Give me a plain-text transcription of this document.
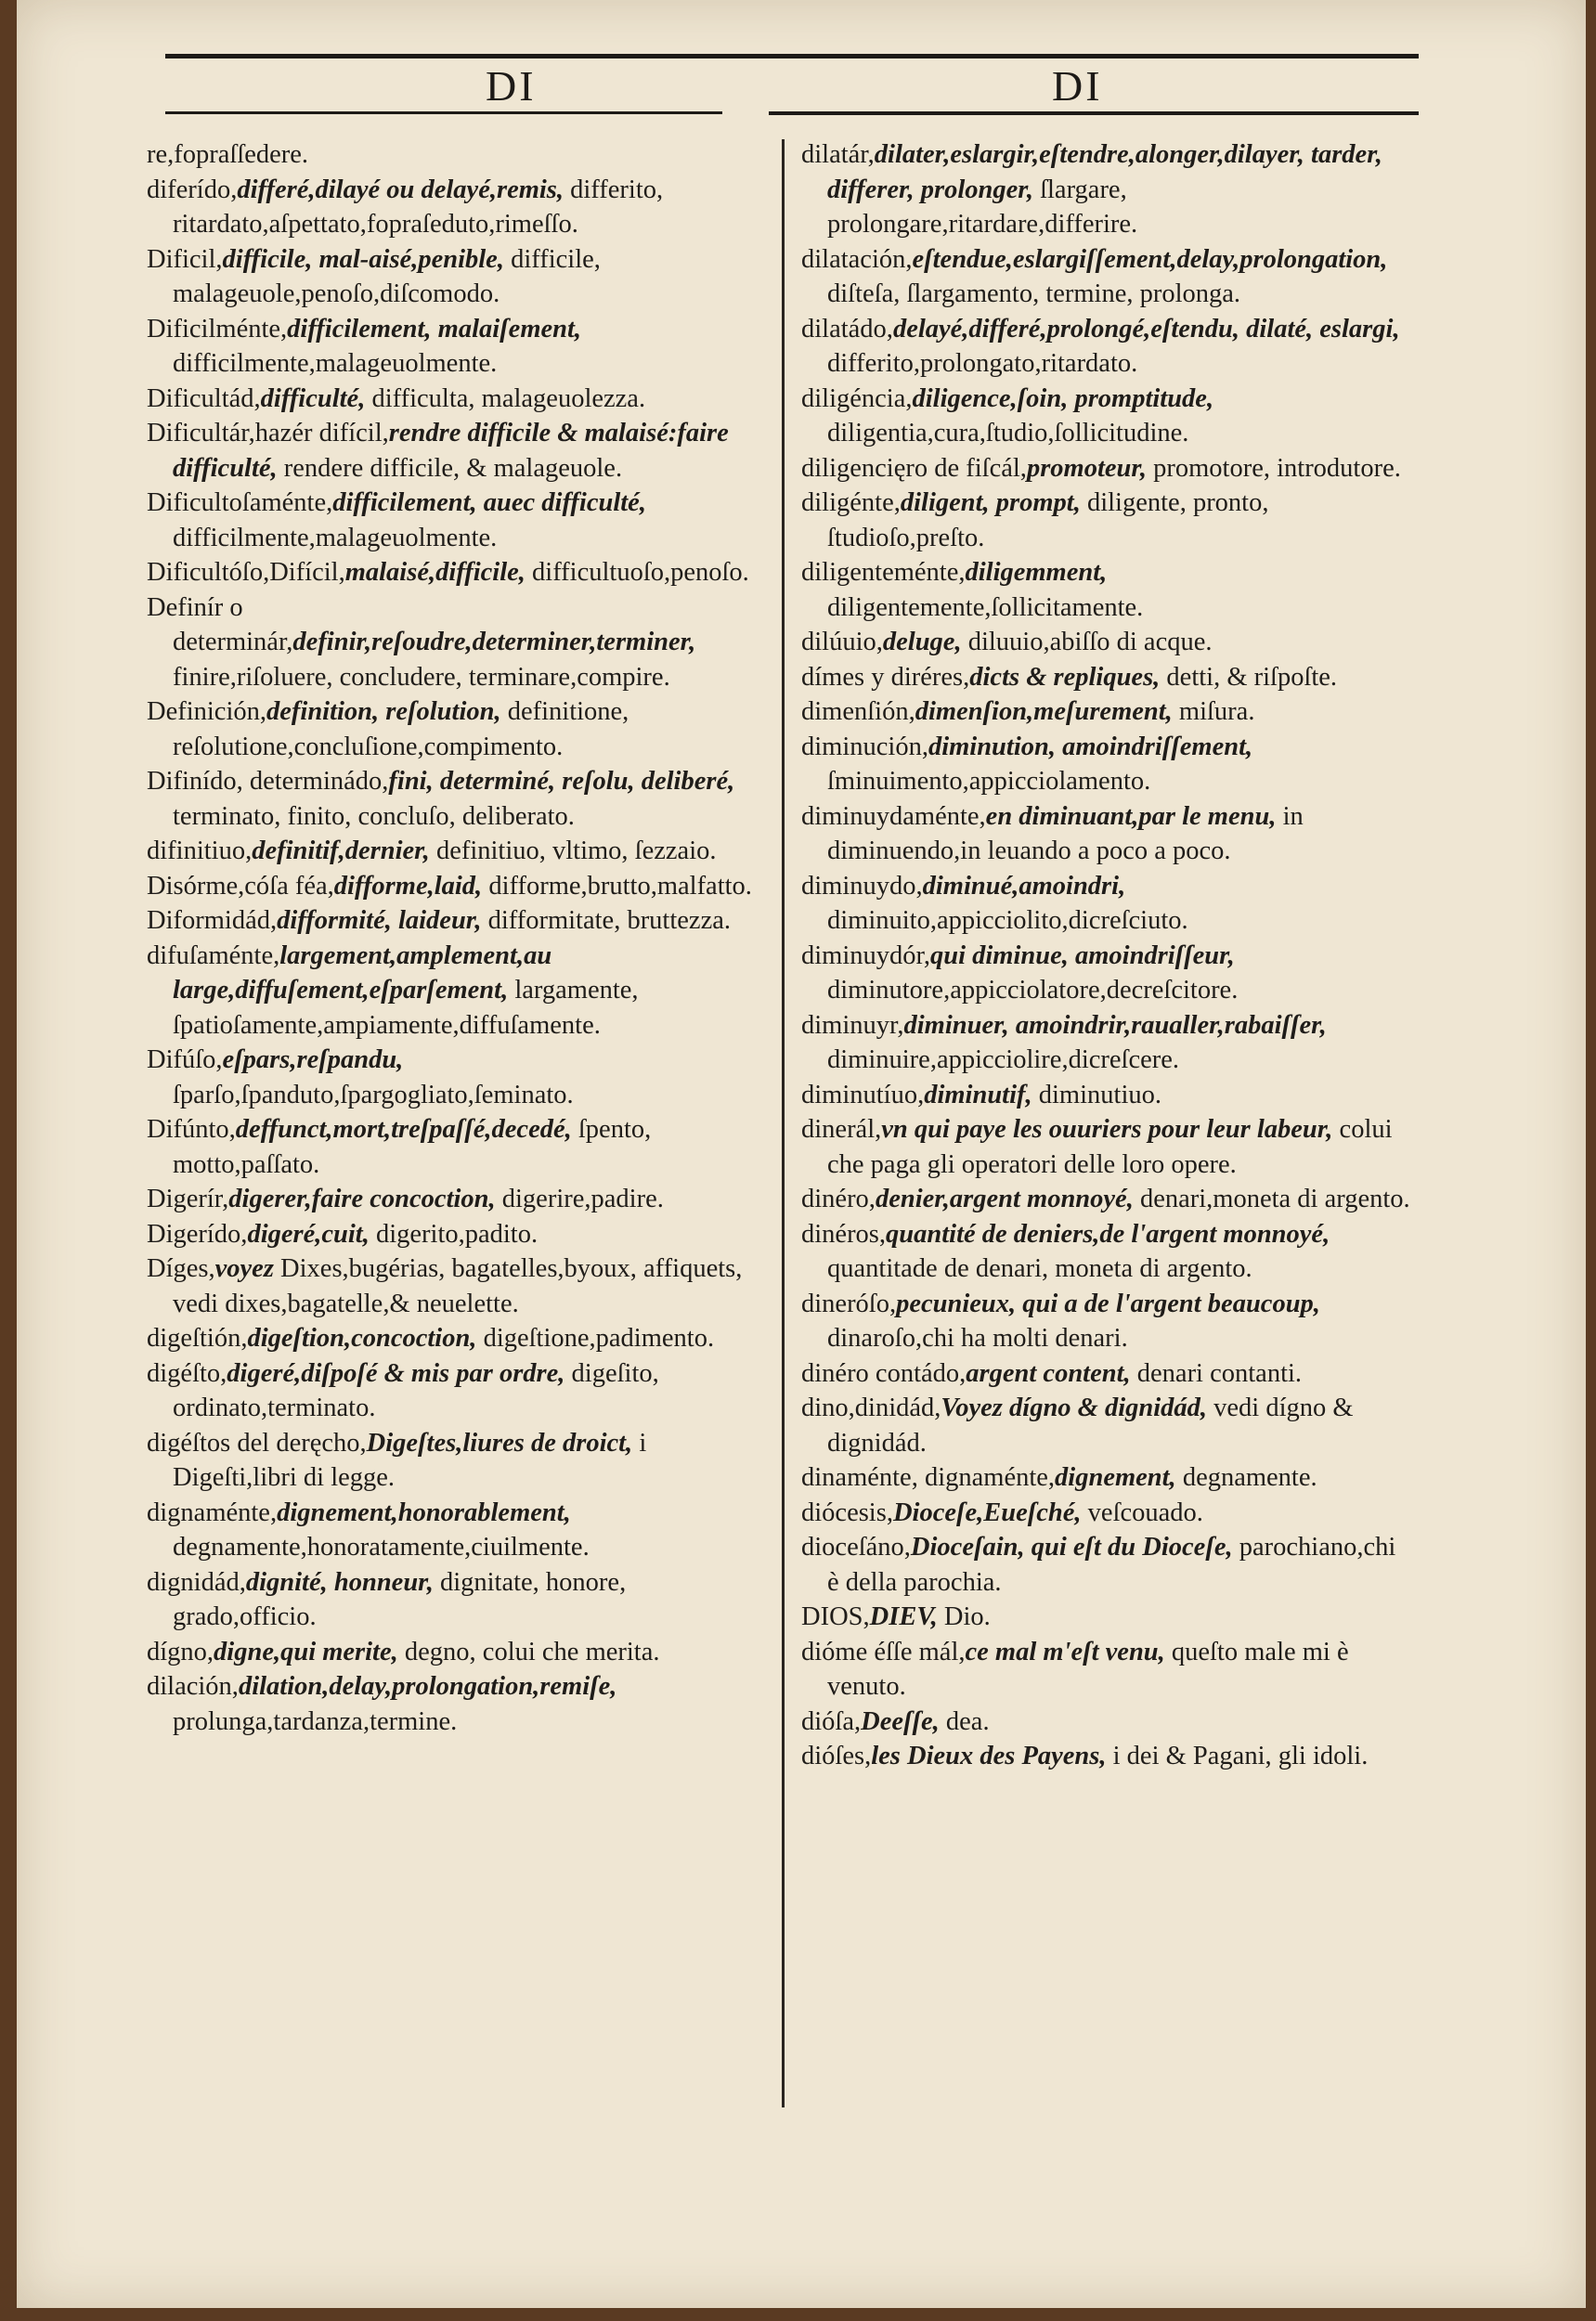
DI	DI

re,fopraſſedere.

diferído,differé,dilayé ou delayé,remis, differito, ritardato,aſpettato,fopraſeduto,rimeſſo.

Dificil,difficile, mal-aisé,penible, difficile, malageuole,penoſo,diſcomodo.

Dificilménte,difficilement, malaiſement, difficilmente,malageuolmente.

Dificultád,difficulté, difficulta, malageuolezza.

Dificultár,hazér difícil,rendre difficile & malaisé:faire difficulté, rendere difficile, & malageuole.

Dificultoſaménte,difficilement, auec difficulté, difficilmente,malageuolmente.

Dificultóſo,Difícil,malaisé,difficile, difficultuoſo,penoſo.

Definír o determinár,definir,reſoudre,determiner,terminer, finire,riſoluere, concludere, terminare,compire.

Definición,definition, reſolution, definitione, reſolutione,concluſione,compimento.

Difinído, determinádo,fini, determiné, reſolu, deliberé, terminato, finito, concluſo, deliberato.

difinitiuo,definitif,dernier, definitiuo, vltimo, ſezzaio.

Disórme,cóſa féa,difforme,laid, difforme,brutto,malfatto.

Diformidád,difformité, laideur, difformitate, bruttezza.

difuſaménte,largement,amplement,au large,diffuſement,eſparſement, largamente, ſpatioſamente,ampiamente,diffuſamente.

Difúſo,eſpars,reſpandu, ſparſo,ſpanduto,ſpargogliato,ſeminato.

Difúnto,deffunct,mort,treſpaſſé,decedé, ſpento, motto,paſſato.

Digerír,digerer,faire concoction, digerire,padire.

Digerído,digeré,cuit, digerito,padito.

Díges,voyez Dixes,bugérias, bagatelles,byoux, affiquets, vedi dixes,bagatelle,& neuelette.

digeſtión,digeſtion,concoction, digeſtione,padimento.

digéſto,digeré,diſpoſé & mis par ordre, digeſito, ordinato,terminato.

digéſtos del deręcho,Digeſtes,liures de droict, i Digeſti,libri di legge.

dignaménte,dignement,honorablement, degnamente,honoratamente,ciuilmente.

dignidád,dignité, honneur, dignitate, honore, grado,officio.

dígno,digne,qui merite, degno, colui che merita.

dilación,dilation,delay,prolongation,remiſe, prolunga,tardanza,termine.

dilatár,dilater,eslargir,eſtendre,alonger,dilayer, tarder, differer, prolonger, ſlargare, prolongare,ritardare,differire.

dilatación,eſtendue,eslargiſſement,delay,prolongation, diſteſa, ſlargamento, termine, prolonga.

dilatádo,delayé,differé,prolongé,eſtendu, dilaté, eslargi, differito,prolongato,ritardato.

diligéncia,diligence,ſoin, promptitude, diligentia,cura,ſtudio,ſollicitudine.

diligencięro de fiſcál,promoteur, promotore, introdutore.

diligénte,diligent, prompt, diligente, pronto, ſtudioſo,preſto.

diligenteménte,diligemment, diligentemente,ſollicitamente.

dilúuio,deluge, diluuio,abiſſo di acque.

dímes y diréres,dicts & repliques, detti, & riſpoſte.

dimenſión,dimenſion,meſurement, miſura.

diminución,diminution, amoindriſſement, ſminuimento,appicciolamento.

diminuydaménte,en diminuant,par le menu, in diminuendo,in leuando a poco a poco.

diminuydo,diminué,amoindri, diminuito,appicciolito,dicreſciuto.

diminuydór,qui diminue, amoindriſſeur, diminutore,appicciolatore,decreſcitore.

diminuyr,diminuer, amoindrir,raualler,rabaiſſer, diminuire,appicciolire,dicreſcere.

diminutíuo,diminutif, diminutiuo.

dinerál,vn qui paye les ouuriers pour leur labeur, colui che paga gli operatori delle loro opere.

dinéro,denier,argent monnoyé, denari,moneta di argento.

dinéros,quantité de deniers,de l'argent monnoyé, quantitade de denari, moneta di argento.

dineróſo,pecunieux, qui a de l'argent beaucoup, dinaroſo,chi ha molti denari.

dinéro contádo,argent content, denari contanti.

dino,dinidád,Voyez dígno & dignidád, vedi dígno & dignidád.

dinaménte, dignaménte,dignement, degnamente.

diócesis,Dioceſe,Eueſché, veſcouado.

dioceſáno,Dioceſain, qui eſt du Dioceſe, parochiano,chi è della parochia.

DIOS,DIEV, Dio.

dióme éſſe mál,ce mal m'eſt venu, queſto male mi è venuto.

dióſa,Deeſſe, dea.

dióſes,les Dieux des Payens, i dei & Pagani, gli idoli.
